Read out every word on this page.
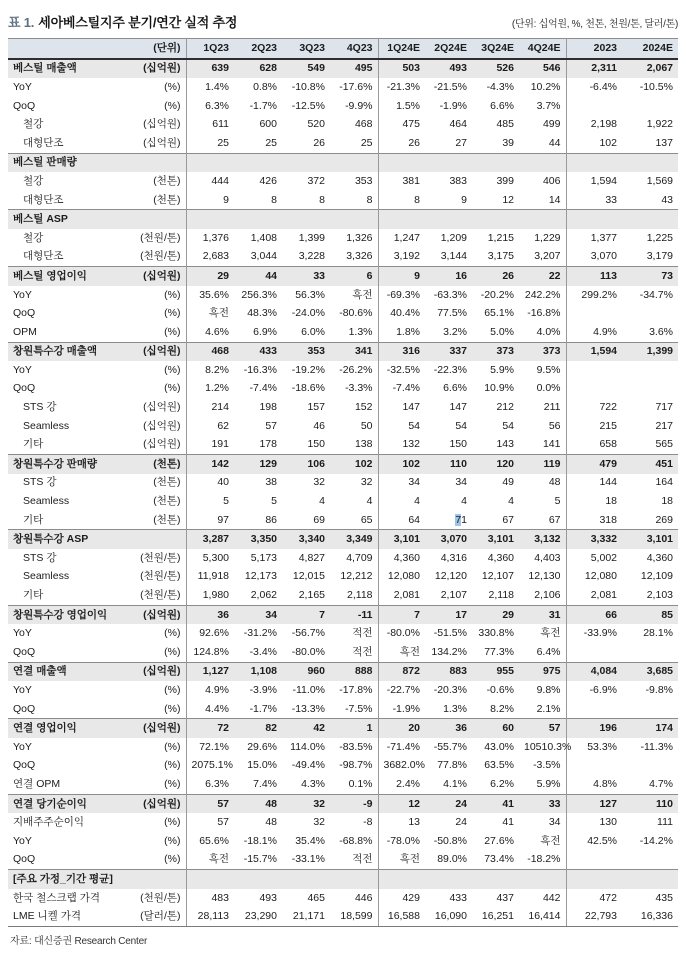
표 1. 세아베스틸지주 분기/연간 실적 추정	(단위: 십억원, %, 천톤, 천원/톤, 달러/톤)
	(단위)	1Q23	2Q23	3Q23	4Q23	1Q24E	2Q24E	3Q24E	4Q24E	2023	2024E
베스틸 매출액	(십억원)	639	628	549	495	503	493	526	546	2,311	2,067
YoY	(%)	1.4%	0.8%	-10.8%	-17.6%	-21.3%	-21.5%	-4.3%	10.2%	-6.4%	-10.5%
QoQ	(%)	6.3%	-1.7%	-12.5%	-9.9%	1.5%	-1.9%	6.6%	3.7%		
철강	(십억원)	611	600	520	468	475	464	485	499	2,198	1,922
대형단조	(십억원)	25	25	26	25	26	27	39	44	102	137
베스틸 판매량											
철강	(천톤)	444	426	372	353	381	383	399	406	1,594	1,569
대형단조	(천톤)	9	8	8	8	8	9	12	14	33	43
베스틸 ASP											
철강	(천원/톤)	1,376	1,408	1,399	1,326	1,247	1,209	1,215	1,229	1,377	1,225
대형단조	(천원/톤)	2,683	3,044	3,228	3,326	3,192	3,144	3,175	3,207	3,070	3,179
베스틸 영업이익	(십억원)	29	44	33	6	9	16	26	22	113	73
YoY	(%)	35.6%	256.3%	56.3%	흑전	-69.3%	-63.3%	-20.2%	242.2%	299.2%	-34.7%
QoQ	(%)	흑전	48.3%	-24.0%	-80.6%	40.4%	77.5%	65.1%	-16.8%		
OPM	(%)	4.6%	6.9%	6.0%	1.3%	1.8%	3.2%	5.0%	4.0%	4.9%	3.6%
창원특수강 매출액	(십억원)	468	433	353	341	316	337	373	373	1,594	1,399
YoY	(%)	8.2%	-16.3%	-19.2%	-26.2%	-32.5%	-22.3%	5.9%	9.5%		
QoQ	(%)	1.2%	-7.4%	-18.6%	-3.3%	-7.4%	6.6%	10.9%	0.0%		
STS 강	(십억원)	214	198	157	152	147	147	212	211	722	717
Seamless	(십억원)	62	57	46	50	54	54	54	56	215	217
기타	(십억원)	191	178	150	138	132	150	143	141	658	565
창원특수강 판매량	(천톤)	142	129	106	102	102	110	120	119	479	451
STS 강	(천톤)	40	38	32	32	34	34	49	48	144	164
Seamless	(천톤)	5	5	4	4	4	4	4	5	18	18
기타	(천톤)	97	86	69	65	64	71	67	67	318	269
창원특수강 ASP		3,287	3,350	3,340	3,349	3,101	3,070	3,101	3,132	3,332	3,101
STS 강	(천원/톤)	5,300	5,173	4,827	4,709	4,360	4,316	4,360	4,403	5,002	4,360
Seamless	(천원/톤)	11,918	12,173	12,015	12,212	12,080	12,120	12,107	12,130	12,080	12,109
기타	(천원/톤)	1,980	2,062	2,165	2,118	2,081	2,107	2,118	2,106	2,081	2,103
창원특수강 영업이익	(십억원)	36	34	7	-11	7	17	29	31	66	85
YoY	(%)	92.6%	-31.2%	-56.7%	적전	-80.0%	-51.5%	330.8%	흑전	-33.9%	28.1%
QoQ	(%)	124.8%	-3.4%	-80.0%	적전	흑전	134.2%	77.3%	6.4%		
연결 매출액	(십억원)	1,127	1,108	960	888	872	883	955	975	4,084	3,685
YoY	(%)	4.9%	-3.9%	-11.0%	-17.8%	-22.7%	-20.3%	-0.6%	9.8%	-6.9%	-9.8%
QoQ	(%)	4.4%	-1.7%	-13.3%	-7.5%	-1.9%	1.3%	8.2%	2.1%		
연결 영업이익	(십억원)	72	82	42	1	20	36	60	57	196	174
YoY	(%)	72.1%	29.6%	114.0%	-83.5%	-71.4%	-55.7%	43.0%	10510.3%	53.3%	-11.3%
QoQ	(%)	2075.1%	15.0%	-49.4%	-98.7%	3682.0%	77.8%	63.5%	-3.5%		
연결 OPM	(%)	6.3%	7.4%	4.3%	0.1%	2.4%	4.1%	6.2%	5.9%	4.8%	4.7%
연결 당기순이익	(십억원)	57	48	32	-9	12	24	41	33	127	110
지배주주순이익	(%)	57	48	32	-8	13	24	41	34	130	111
YoY	(%)	65.6%	-18.1%	35.4%	-68.8%	-78.0%	-50.8%	27.6%	흑전	42.5%	-14.2%
QoQ	(%)	흑전	-15.7%	-33.1%	적전	흑전	89.0%	73.4%	-18.2%		
[주요 가정_기간 평균]											
한국 철스크랩 가격	(천원/톤)	483	493	465	446	429	433	437	442	472	435
LME 니켈 가격	(달러/톤)	28,113	23,290	21,171	18,599	16,588	16,090	16,251	16,414	22,793	16,336
자료: 대신증권 Research Center
